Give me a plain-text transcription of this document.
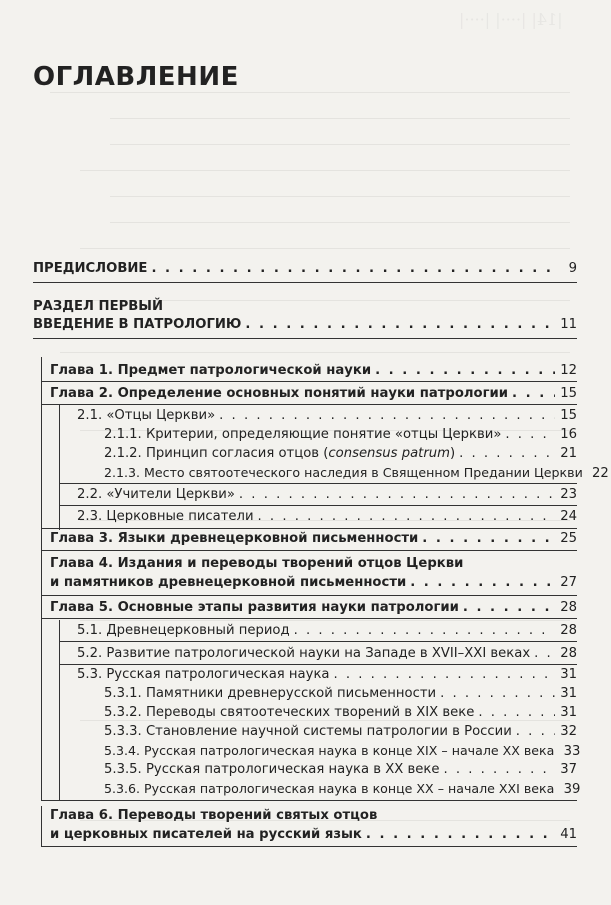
|14| |····| |····|
ОГЛАВЛЕНИЕ
ПРЕДИСЛОВИЕ . . .	9
РАЗДЕЛ ПЕРВЫЙ
ВВЕДЕНИЕ В ПАТРОЛОГИЮ . . .	11
Глава 1. Предмет патрологической науки . . .	12
Глава 2. Определение основных понятий науки патрологии . . .	15
2.1. «Отцы Церкви» . . .	15
2.1.1. Критерии, определяющие понятие «отцы Церкви» . . .	16
2.1.2. Принцип согласия отцов (consensus patrum) . . .	21
2.1.3. Место святоотеческого наследия в Священном Предании Церкви 22
2.2. «Учители Церкви» . . .	23
2.3. Церковные писатели . . .	24
Глава 3. Языки древнецерковной письменности . . .	25
Глава 4. Издания и переводы творений отцов Церкви
и памятников древнецерковной письменности . . .	27
Глава 5. Основные этапы развития науки патрологии . . .	28
5.1. Древнецерковный период . . .	28
5.2. Развитие патрологической науки на Западе в XVII–XXI веках . . . 28
5.3. Русская патрологическая наука . . .	31
5.3.1. Памятники древнерусской письменности . . .	31
5.3.2. Переводы святоотеческих творений в XIX веке . . .	31
5.3.3. Становление научной системы патрологии в России . . .	32
5.3.4. Русская патрологическая наука в конце XIX – начале XX века 33
5.3.5. Русская патрологическая наука в XX веке . . .	37
5.3.6. Русская патрологическая наука в конце XX – начале XXI века 39
Глава 6. Переводы творений святых отцов
и церковных писателей на русский язык . . .	41
